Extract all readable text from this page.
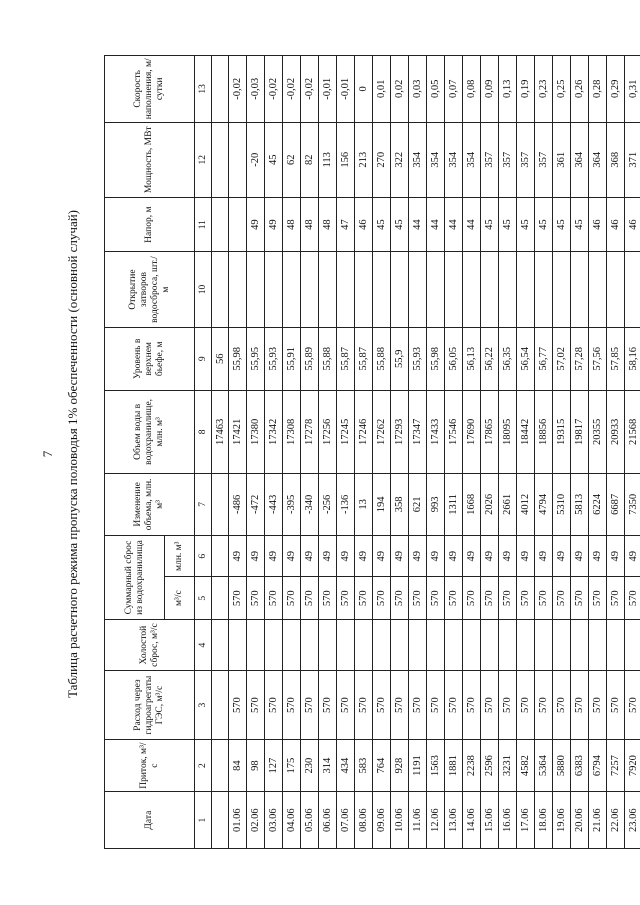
7 Таблица расчетного режима пропуска половодья 1% обеспеченности (основной случай)
Дата	Приток, м³/с	Расход через гидроагрегаты ГЭС, м³/с	Холостой сброс, м³/с	Суммарный сброс из водохранилища		Изменение объема, млн. м³	Объем воды в водохранилище, млн. м³	Уровень в верхнем бьефе, м	Открытие затворов водосброса, шт./м	Напор, м	Мощность, МВт	Скорость наполнения, м/сутки
				м³/с	млн. м³							
1	2	3	4	5	6	7	8	9	10	11	12	13
							17463	56				
01.06	84	570		570	49	-486	17421	55,98				-0,02
02.06	98	570		570	49	-472	17380	55,95		49	-20	-0,03
03.06	127	570		570	49	-443	17342	55,93		49	45	-0,02
04.06	175	570		570	49	-395	17308	55,91		48	62	-0,02
05.06	230	570		570	49	-340	17278	55,89		48	82	-0,02
06.06	314	570		570	49	-256	17256	55,88		48	113	-0,01
07.06	434	570		570	49	-136	17245	55,87		47	156	-0,01
08.06	583	570		570	49	13	17246	55,87		46	213	0
09.06	764	570		570	49	194	17262	55,88		45	270	0,01
10.06	928	570		570	49	358	17293	55,9		45	322	0,02
11.06	1191	570		570	49	621	17347	55,93		44	354	0,03
12.06	1563	570		570	49	993	17433	55,98		44	354	0,05
13.06	1881	570		570	49	1311	17546	56,05		44	354	0,07
14.06	2238	570		570	49	1668	17690	56,13		44	354	0,08
15.06	2596	570		570	49	2026	17865	56,22		45	357	0,09
16.06	3231	570		570	49	2661	18095	56,35		45	357	0,13
17.06	4582	570		570	49	4012	18442	56,54		45	357	0,19
18.06	5364	570		570	49	4794	18856	56,77		45	357	0,23
19.06	5880	570		570	49	5310	19315	57,02		45	361	0,25
20.06	6383	570		570	49	5813	19817	57,28		45	364	0,26
21.06	6794	570		570	49	6224	20355	57,56		46	364	0,28
22.06	7257	570		570	49	6687	20933	57,85		46	368	0,29
23.06	7920	570		570	49	7350	21568	58,16		46	371	0,31
